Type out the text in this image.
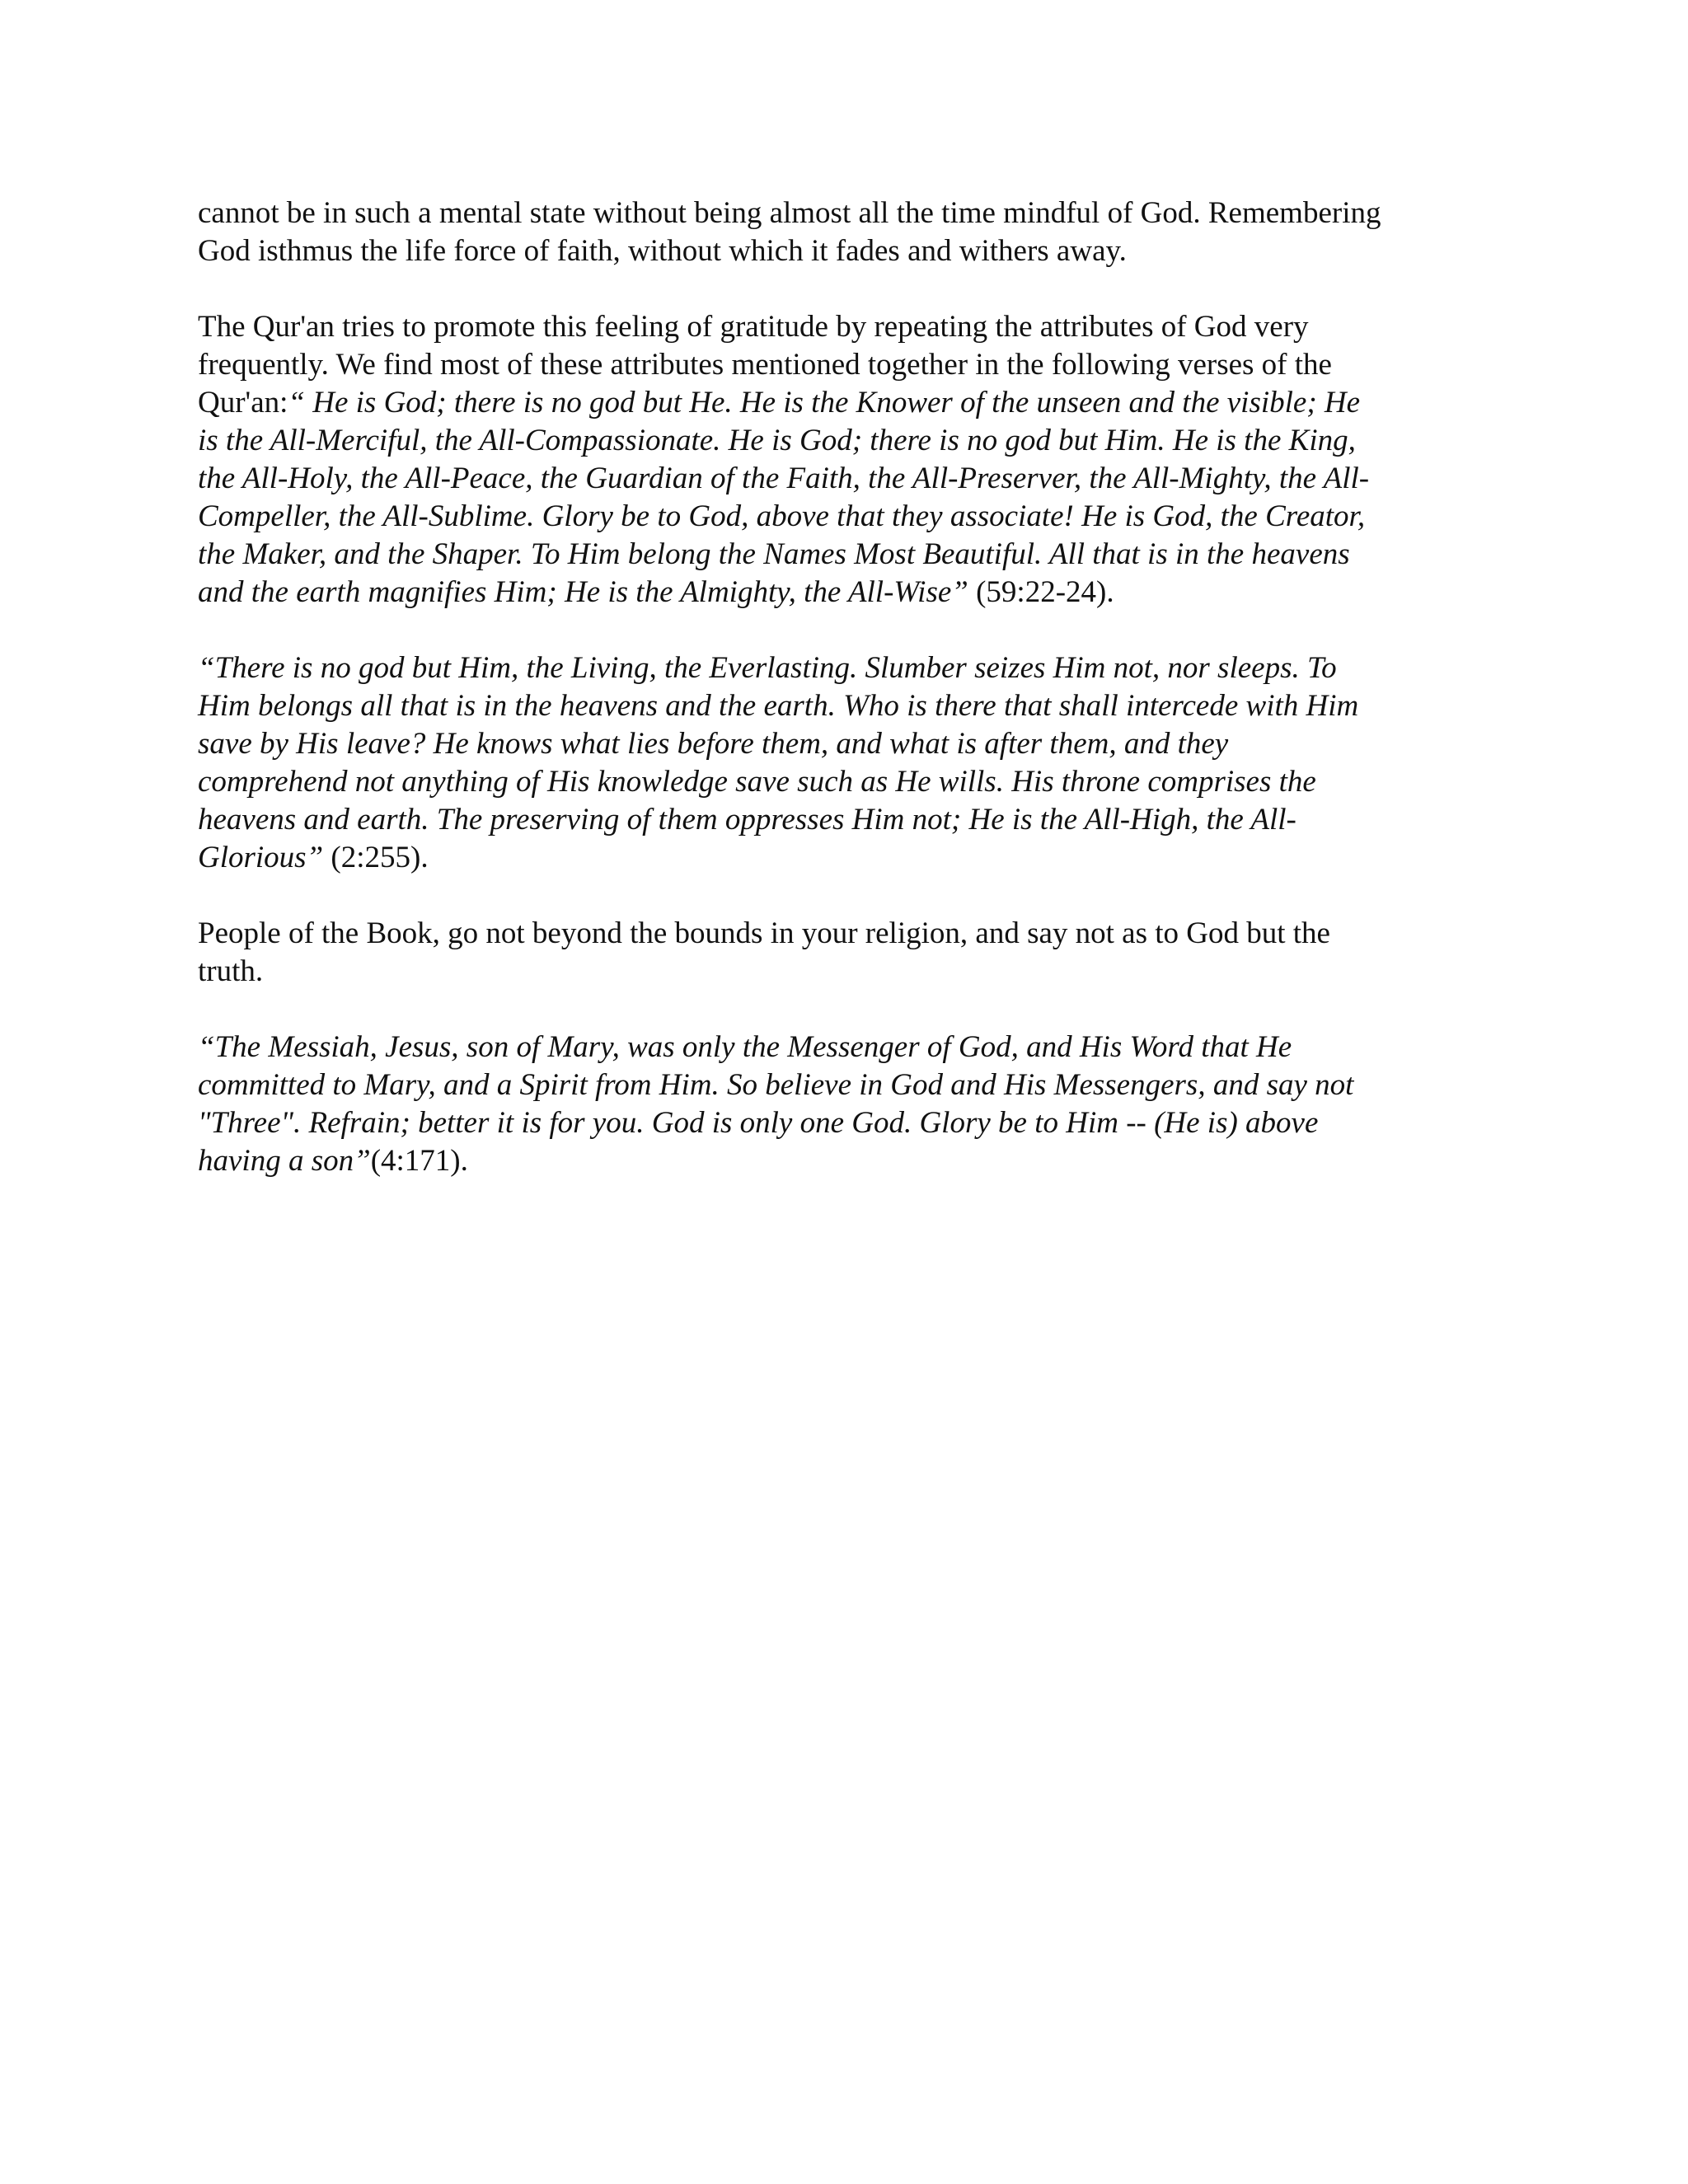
cannot be in such a mental state without being almost all the time mindful of God. Remembering
God isthmus the life force of faith, without which it fades and withers away.

The Qur'an tries to promote this feeling of gratitude by repeating the attributes of God very
frequently. We find most of these attributes mentioned together in the following verses of the
Qur'an:“ He is God; there is no god but He. He is the Knower of the unseen and the visible; He
is the All-Merciful, the All-Compassionate. He is God; there is no god but Him. He is the King,
the All-Holy, the All-Peace, the Guardian of the Faith, the All-Preserver, the All-Mighty, the All-
Compeller, the All-Sublime. Glory be to God, above that they associate! He is God, the Creator,
the Maker, and the Shaper. To Him belong the Names Most Beautiful. All that is in the heavens
and the earth magnifies Him; He is the Almighty, the All-Wise” (59:22-24).

“There is no god but Him, the Living, the Everlasting. Slumber seizes Him not, nor sleeps. To
Him belongs all that is in the heavens and the earth. Who is there that shall intercede with Him
save by His leave? He knows what lies before them, and what is after them, and they
comprehend not anything of His knowledge save such as He wills. His throne comprises the
heavens and earth. The preserving of them oppresses Him not; He is the All-High, the All-
Glorious” (2:255).

People of the Book, go not beyond the bounds in your religion, and say not as to God but the
truth.

“The Messiah, Jesus, son of Mary, was only the Messenger of God, and His Word that He
committed to Mary, and a Spirit from Him. So believe in God and His Messengers, and say not
"Three". Refrain; better it is for you. God is only one God. Glory be to Him -- (He is) above
having a son”(4:171).
